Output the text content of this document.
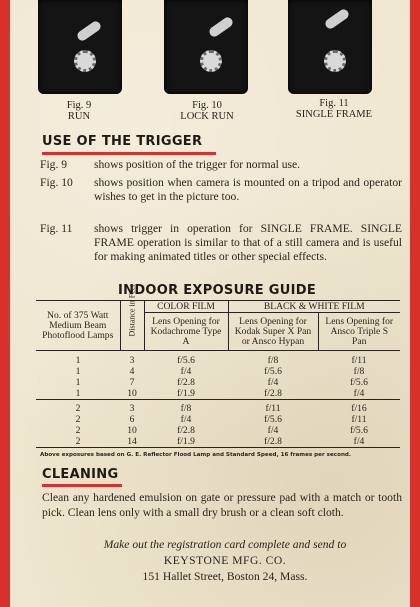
Fig. 9
RUN
Fig. 10
LOCK RUN
Fig. 11
SINGLE FRAME
USE OF THE TRIGGER
Fig. 9 shows position of the trigger for normal use.
Fig. 10 shows position when camera is mounted on a tripod and operator wishes to get in the picture too.
Fig. 11 shows trigger in operation for SINGLE FRAME. SINGLE FRAME operation is similar to that of a still camera and is useful for making animated titles or other special effects.
INDOOR EXPOSURE GUIDE
No. of 375 Watt Medium Beam Photoflood Lamps	Distance in Feet	COLOR FILM	BLACK & WHITE FILM	
		Lens Opening for Kodachrome Type A	Lens Opening for Kodak Super X Pan or Ansco Hypan	Lens Opening for Ansco Triple S Pan

1	3	f/5.6	f/8	f/11
1	4	f/4	f/5.6	f/8
1	7	f/2.8	f/4	f/5.6
1	10	f/1.9	f/2.8	f/4

2	3	f/8	f/11	f/16
2	6	f/4	f/5.6	f/11
2	10	f/2.8	f/4	f/5.6
2	14	f/1.9	f/2.8	f/4
Above exposures based on G. E. Reflector Flood Lamp and Standard Speed, 16 frames per second.
CLEANING
Clean any hardened emulsion on gate or pressure pad with a match or tooth pick. Clean lens only with a small dry brush or a clean soft cloth.
Make out the registration card complete and send to
KEYSTONE MFG. CO.
151 Hallet Street, Boston 24, Mass.
